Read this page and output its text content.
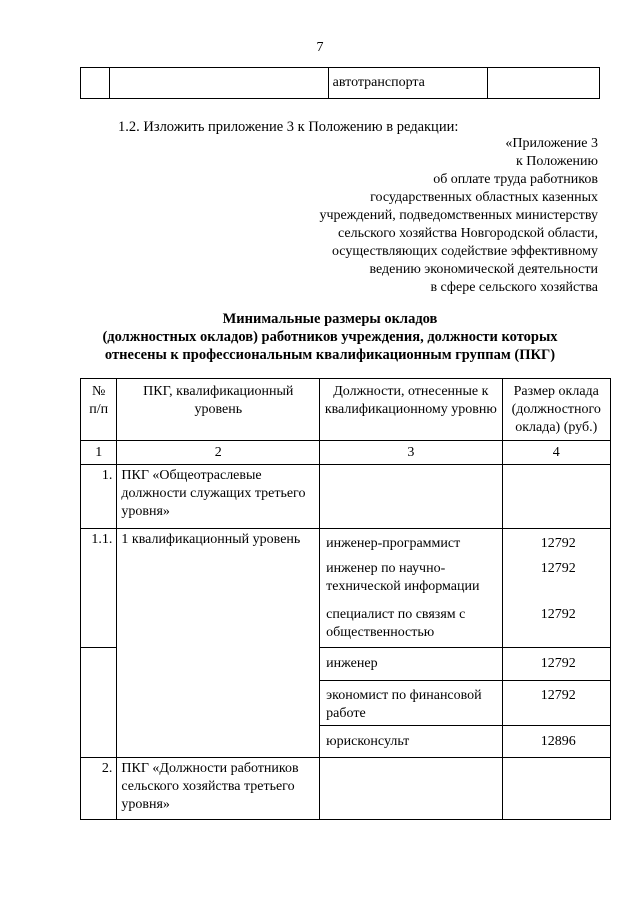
7
		автотранспорта	
1.2. Изложить приложение 3 к Положению в редакции:
«Приложение 3
к Положению
об оплате труда работников
государственных областных казенных
учреждений, подведомственных министерству
сельского хозяйства Новгородской области,
осуществляющих содействие эффективному
ведению экономической деятельности
в сфере сельского хозяйства
Минимальные размеры окладов
(должностных окладов) работников учреждения, должности которых
отнесены к профессиональным квалификационным группам (ПКГ)
№ п/п	ПКГ, квалификационный уровень	Должности, отнесенные к квалификационному уровню	Размер оклада (должностного оклада) (руб.)
1	2	3	4
1.	ПКГ «Общеотраслевые должности служащих третьего уровня»		
1.1.	1 квалификационный уровень	инженер-программист	12792
		инженер по научно-технической информации	12792
		специалист по связям с общественностью	12792
		инженер	12792
		экономист по финансовой работе	12792
		юрисконсульт	12896
2.	ПКГ «Должности работников сельского хозяйства третьего уровня»		
